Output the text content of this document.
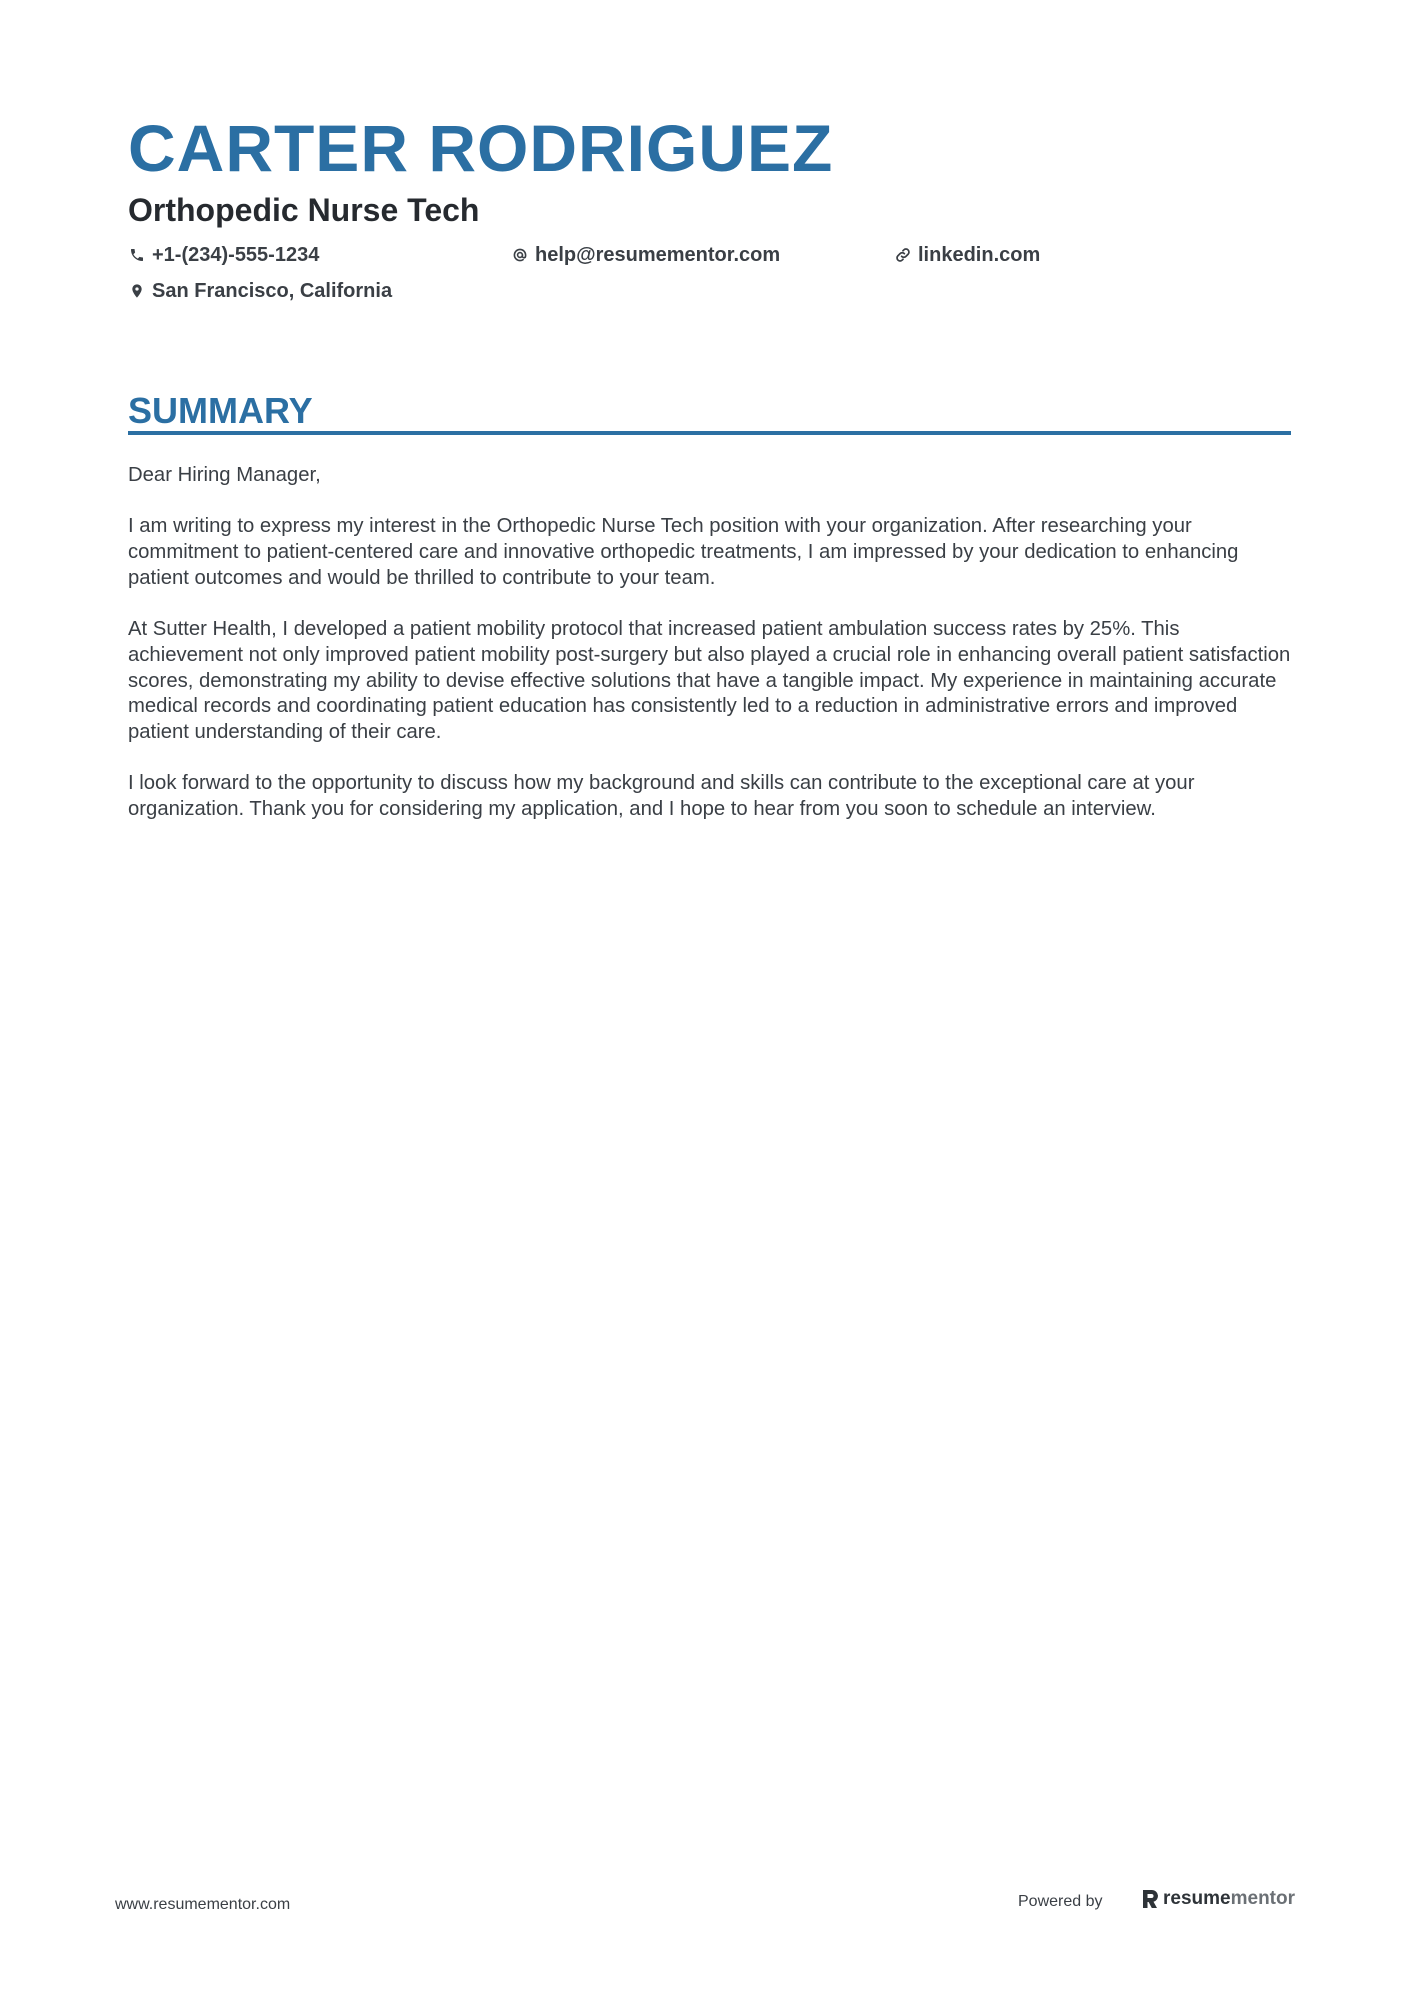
CARTER RODRIGUEZ
Orthopedic Nurse Tech
+1-(234)-555-1234	help@resumementor.com	linkedin.com
San Francisco, California
SUMMARY

Dear Hiring Manager,

I am writing to express my interest in the Orthopedic Nurse Tech position with your organization. After researching your commitment to patient-centered care and innovative orthopedic treatments, I am impressed by your dedication to enhancing patient outcomes and would be thrilled to contribute to your team.

At Sutter Health, I developed a patient mobility protocol that increased patient ambulation success rates by 25%. This achievement not only improved patient mobility post-surgery but also played a crucial role in enhancing overall patient satisfaction scores, demonstrating my ability to devise effective solutions that have a tangible impact. My experience in maintaining accurate medical records and coordinating patient education has consistently led to a reduction in administrative errors and improved patient understanding of their care.

I look forward to the opportunity to discuss how my background and skills can contribute to the exceptional care at your organization. Thank you for considering my application, and I hope to hear from you soon to schedule an interview.

www.resumementor.com	Powered by	resume mentor
